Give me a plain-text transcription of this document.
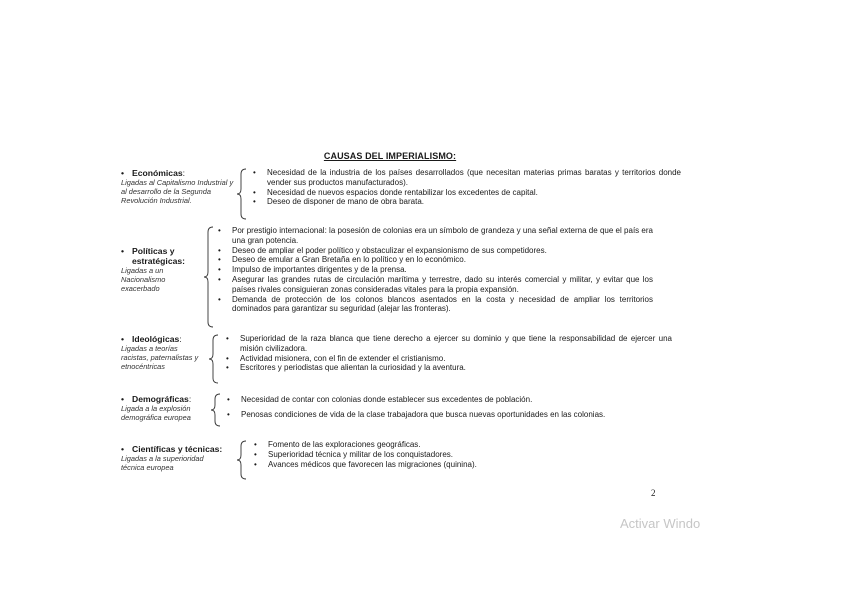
CAUSAS DEL IMPERIALISMO:
• Económicas:
Ligadas al Capitalismo Industrial y al desarrollo de la Segunda Revolución Industrial.
• Necesidad de la industria de los países desarrollados (que necesitan materias primas baratas y territorios donde vender sus productos manufacturados).
• Necesidad de nuevos espacios donde rentabilizar los excedentes de capital.
• Deseo de disponer de mano de obra barata.
• Políticas y estratégicas:
Ligadas a un Nacionalismo exacerbado
• Por prestigio internacional: la posesión de colonias era un símbolo de grandeza y una señal externa de que el país era una gran potencia.
• Deseo de ampliar el poder político y obstaculizar el expansionismo de sus competidores.
• Deseo de emular a Gran Bretaña en lo político y en lo económico.
• Impulso de importantes dirigentes y de la prensa.
• Asegurar las grandes rutas de circulación marítima y terrestre, dado su interés comercial y militar, y evitar que los países rivales consiguieran zonas consideradas vitales para la propia expansión.
• Demanda de protección de los colonos blancos asentados en la costa y necesidad de ampliar los territorios dominados para garantizar su seguridad (alejar las fronteras).
• Ideológicas:
Ligadas a teorías racistas, paternalistas y etnocéntricas
• Superioridad de la raza blanca que tiene derecho a ejercer su dominio y que tiene la responsabilidad de ejercer una misión civilizadora.
• Actividad misionera, con el fin de extender el cristianismo.
• Escritores y periodistas que alientan la curiosidad y la aventura.
• Demográficas:
Ligada a la explosión demográfica europea
• Necesidad de contar con colonias donde establecer sus excedentes de población.
• Penosas condiciones de vida de la clase trabajadora que busca nuevas oportunidades en las colonias.
• Científicas y técnicas:
Ligadas a la superioridad técnica europea
• Fomento de las exploraciones geográficas.
• Superioridad técnica y militar de los conquistadores.
• Avances médicos que favorecen las migraciones (quinina).
2
Activar Windo
